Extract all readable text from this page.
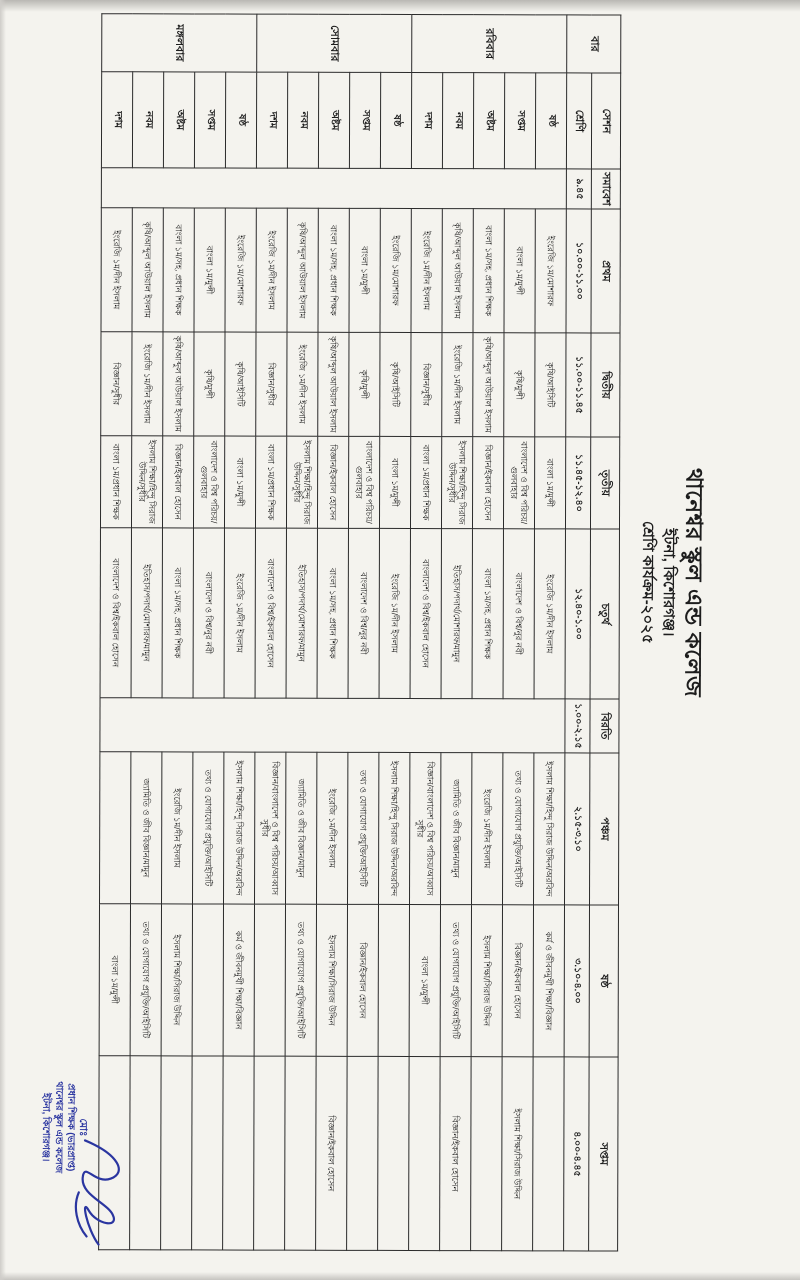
থানেশ্বর স্কুল এন্ড কলেজ
ইটনা, কিশোরগঞ্জ।
শ্রেণি কার্যক্রম-২০২৫
বার	সেশন	সমাবেশ	প্রথম	দ্বিতীয়	তৃতীয়	চতুর্থ	বিরতি	পঞ্চম	ষষ্ঠ	সপ্তম
	শ্রেণি	৯.৪৫	১০.০০-১১.০০	১১.০০-১১.৪৫	১১.৪৫-১২.৪০	১২.৪০-১.০০	১.০০-২.১৫	২.১৫-৩.১০	৩.১০-৪.০০	৪.০০-৪.৪৫
রবিবার	ষষ্ঠ		ইংরেজি ১ম/মোশারফ	কৃষি/আইসিটি	বাংলা ১ম/মুন্সী	ইংরেজি ১ম/দীন ইসলাম		ইসলাম শিক্ষা/হিন্দু সিরাজ উদ্দিন/অরবিন্দ	কর্ম ও জীবনমুখী শিক্ষা/বিজ্ঞান	
	সপ্তম		বাংলা ১ম/মুন্সী	কৃষি/মুন্সী	বাংলাদেশ ও বিশ্ব পরিচয়/গুলবাহার	বাংলাদেশ ও বিশ্ব/নুর নবী		তথ্য ও যোগাযোগ প্রযুক্তি/আইসিটি	বিজ্ঞান/ইকবাল হোসেন	ইসলাম শিক্ষা/সিরাজ উদ্দিন
	অষ্টম		বাংলা ১ম/সহ. প্রধান শিক্ষক	কৃষি/আব্দুল আউয়াল ইসলাম	বিজ্ঞান/ইকবাল হোসেন	বাংলা ১ম/সহ. প্রধান শিক্ষক		ইংরেজি ১ম/দীন ইসলাম	ইসলাম শিক্ষা/সিরাজ উদ্দিন	
	নবম		কৃষি/আব্দুল আউয়াল ইসলাম	ইংরেজি ১ম/দীন ইসলাম	ইসলাম শিক্ষা/হিন্দু সিরাজ উদ্দিন/সুধীর	ইতিহাস/পদার্থ/মোশারফ/মামুন		জ্যামিতি ও জীব বিজ্ঞান/মামুন	তথ্য ও যোগাযোগ প্রযুক্তি/আইসিটি	বিজ্ঞান/ইকবাল হোসেন
	দশম		ইংরেজি ১ম/দীন ইসলাম	বিজ্ঞান/সুধীর	বাংলা ১ম/প্রধান শিক্ষক	বাংলাদেশ ও বিশ্ব/ইকবাল হোসেন		বিজ্ঞান/বাংলাদেশ ও বিশ্ব পরিচয়/আব্বাস সুধীর	বাংলা ১ম/মুন্সী	
সোমবার	ষষ্ঠ		ইংরেজি ১ম/মোশারফ	কৃষি/আইসিটি	বাংলা ১ম/মুন্সী	ইংরেজি ১ম/দীন ইসলাম		ইসলাম শিক্ষা/হিন্দু সিরাজ উদ্দিন/অরবিন্দ		
	সপ্তম		বাংলা ১ম/মুন্সী	কৃষি/মুন্সী	বাংলাদেশ ও বিশ্ব পরিচয়/গুলবাহার	বাংলাদেশ ও বিশ্ব/নুর নবী		তথ্য ও যোগাযোগ প্রযুক্তি/আইসিটি	বিজ্ঞান/ইকবাল হোসেন	
	অষ্টম		বাংলা ১ম/সহ. প্রধান শিক্ষক	কৃষি/আব্দুল আউয়াল ইসলাম	বিজ্ঞান/ইকবাল হোসেন	বাংলা ১ম/সহ. প্রধান শিক্ষক		ইংরেজি ১ম/দীন ইসলাম	ইসলাম শিক্ষা/সিরাজ উদ্দিন	বিজ্ঞান/ইকবাল হোসেন
	নবম		কৃষি/আব্দুল আউয়াল ইসলাম	ইংরেজি ১ম/দীন ইসলাম	ইসলাম শিক্ষা/হিন্দু সিরাজ উদ্দিন/সুধীর	ইতিহাস/পদার্থ/মোশারফ/মামুন		জ্যামিতি ও জীব বিজ্ঞান/মামুন	তথ্য ও যোগাযোগ প্রযুক্তি/আইসিটি	
	দশম		ইংরেজি ১ম/দীন ইসলাম	বিজ্ঞান/সুধীর	বাংলা ১ম/প্রধান শিক্ষক	বাংলাদেশ ও বিশ্ব/ইকবাল হোসেন		বিজ্ঞান/বাংলাদেশ ও বিশ্ব পরিচয়/আব্বাস সুধীর		
মঙ্গলবার	ষষ্ঠ		ইংরেজি ১ম/মোশারফ	কৃষি/আইসিটি	বাংলা ১ম/মুন্সী	ইংরেজি ১ম/দীন ইসলাম		ইসলাম শিক্ষা/হিন্দু সিরাজ উদ্দিন/অরবিন্দ	কর্ম ও জীবনমুখী শিক্ষা/বিজ্ঞান	
	সপ্তম		বাংলা ১ম/মুন্সী	কৃষি/মুন্সী	বাংলাদেশ ও বিশ্ব পরিচয়/গুলবাহার	বাংলাদেশ ও বিশ্ব/নুর নবী		তথ্য ও যোগাযোগ প্রযুক্তি/আইসিটি		
	অষ্টম		বাংলা ১ম/সহ. প্রধান শিক্ষক	কৃষি/আব্দুল আউয়াল ইসলাম	বিজ্ঞান/ইকবাল হোসেন	বাংলা ১ম/সহ. প্রধান শিক্ষক		ইংরেজি ১ম/দীন ইসলাম	ইসলাম শিক্ষা/সিরাজ উদ্দিন	
	নবম		কৃষি/আব্দুল আউয়াল ইসলাম	ইংরেজি ১ম/দীন ইসলাম	ইসলাম শিক্ষা/হিন্দু সিরাজ উদ্দিন/সুধীর	ইতিহাস/পদার্থ/মোশারফ/মামুন		জ্যামিতি ও জীব বিজ্ঞান/মামুন	তথ্য ও যোগাযোগ প্রযুক্তি/আইসিটি	
	দশম		ইংরেজি ১ম/দীন ইসলাম	বিজ্ঞান/সুধীর	বাংলা ১ম/প্রধান শিক্ষক	বাংলাদেশ ও বিশ্ব/ইকবাল হোসেন			বাংলা ১ম/মুন্সী	
মোঃ
প্রধান শিক্ষক (ভারপ্রাপ্ত)
থানেশ্বর স্কুল এন্ড কলেজ
ইটনা, কিশোরগঞ্জ।
